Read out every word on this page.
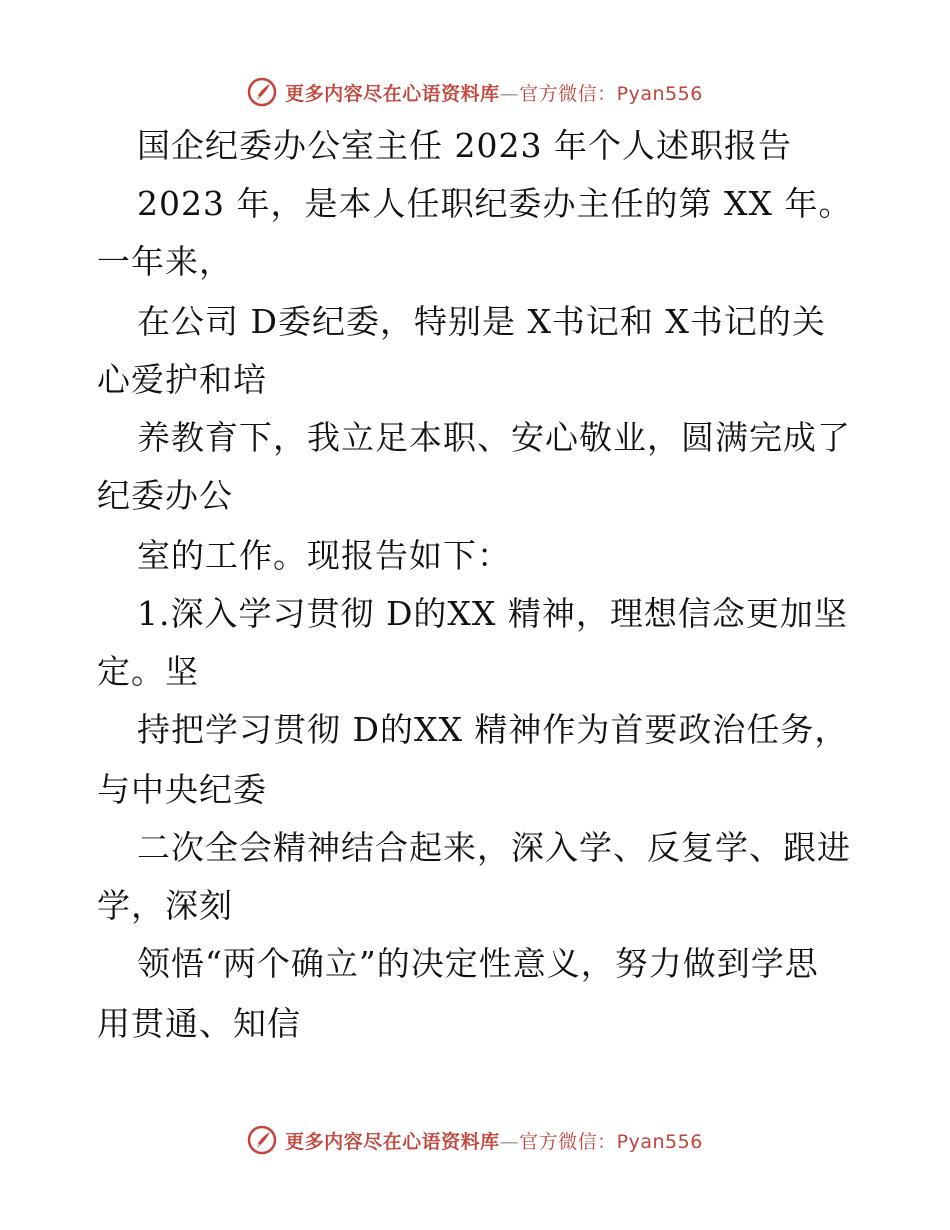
更多内容尽在心语资料库—官方微信：Pyan556
国企纪委办公室主任 2023 年个人述职报告
2023 年，是本人任职纪委办主任的第 XX 年。
一年来，
在公司 D委纪委，特别是 X书记和 X书记的关
心爱护和培
养教育下，我立足本职、安心敬业，圆满完成了
纪委办公
室的工作。现报告如下：
1.深入学习贯彻 D的XX 精神，理想信念更加坚
定。坚
持把学习贯彻 D的XX 精神作为首要政治任务，
与中央纪委
二次全会精神结合起来，深入学、反复学、跟进
学，深刻
领悟“两个确立”的决定性意义，努力做到学思
用贯通、知信
更多内容尽在心语资料库—官方微信：Pyan556
